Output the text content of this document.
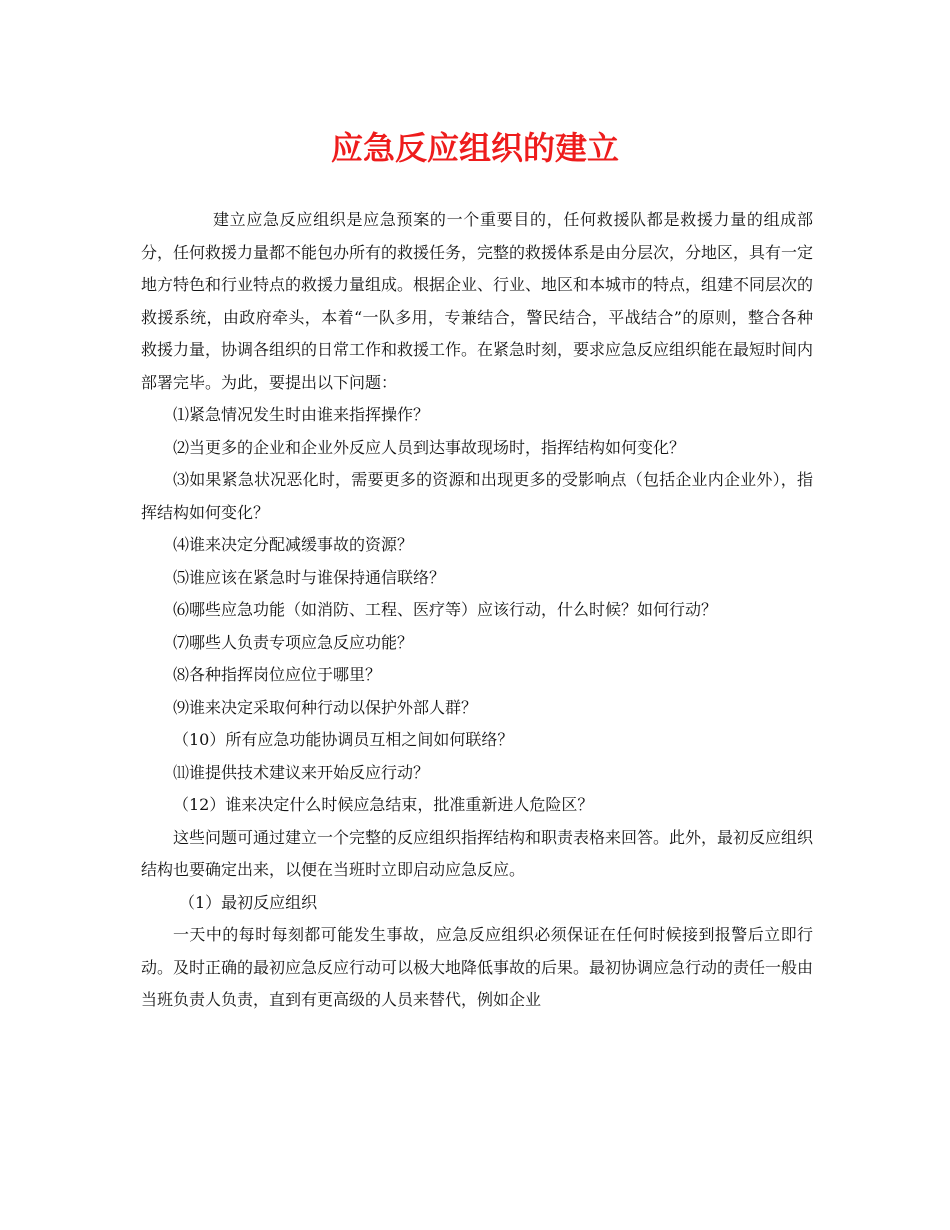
应急反应组织的建立

建立应急反应组织是应急预案的一个重要目的，任何救援队都是救援力量的组成部分，任何救援力量都不能包办所有的救援任务，完整的救援体系是由分层次，分地区，具有一定地方特色和行业特点的救援力量组成。根据企业、行业、地区和本城市的特点，组建不同层次的救援系统，由政府牵头，本着“一队多用，专兼结合，警民结合，平战结合”的原则，整合各种救援力量，协调各组织的日常工作和救援工作。在紧急时刻，要求应急反应组织能在最短时间内部署完毕。为此，要提出以下问题：

⑴紧急情况发生时由谁来指挥操作？

⑵当更多的企业和企业外反应人员到达事故现场时，指挥结构如何变化？

⑶如果紧急状况恶化时，需要更多的资源和出现更多的受影响点（包括企业内企业外），指挥结构如何变化？

⑷谁来决定分配减缓事故的资源？

⑸谁应该在紧急时与谁保持通信联络？

⑹哪些应急功能（如消防、工程、医疗等）应该行动，什么时候？如何行动？

⑺哪些人负责专项应急反应功能？

⑻各种指挥岗位应位于哪里？

⑼谁来决定采取何种行动以保护外部人群？

（10）所有应急功能协调员互相之间如何联络？

⑾谁提供技术建议来开始反应行动？

（12）谁来决定什么时候应急结束，批准重新进人危险区？

这些问题可通过建立一个完整的反应组织指挥结构和职责表格来回答。此外，最初反应组织结构也要确定出来，以便在当班时立即启动应急反应。

（1）最初反应组织

一天中的每时每刻都可能发生事故，应急反应组织必须保证在任何时候接到报警后立即行动。及时正确的最初应急反应行动可以极大地降低事故的后果。最初协调应急行动的责任一般由当班负责人负责，直到有更高级的人员来替代，例如企业
